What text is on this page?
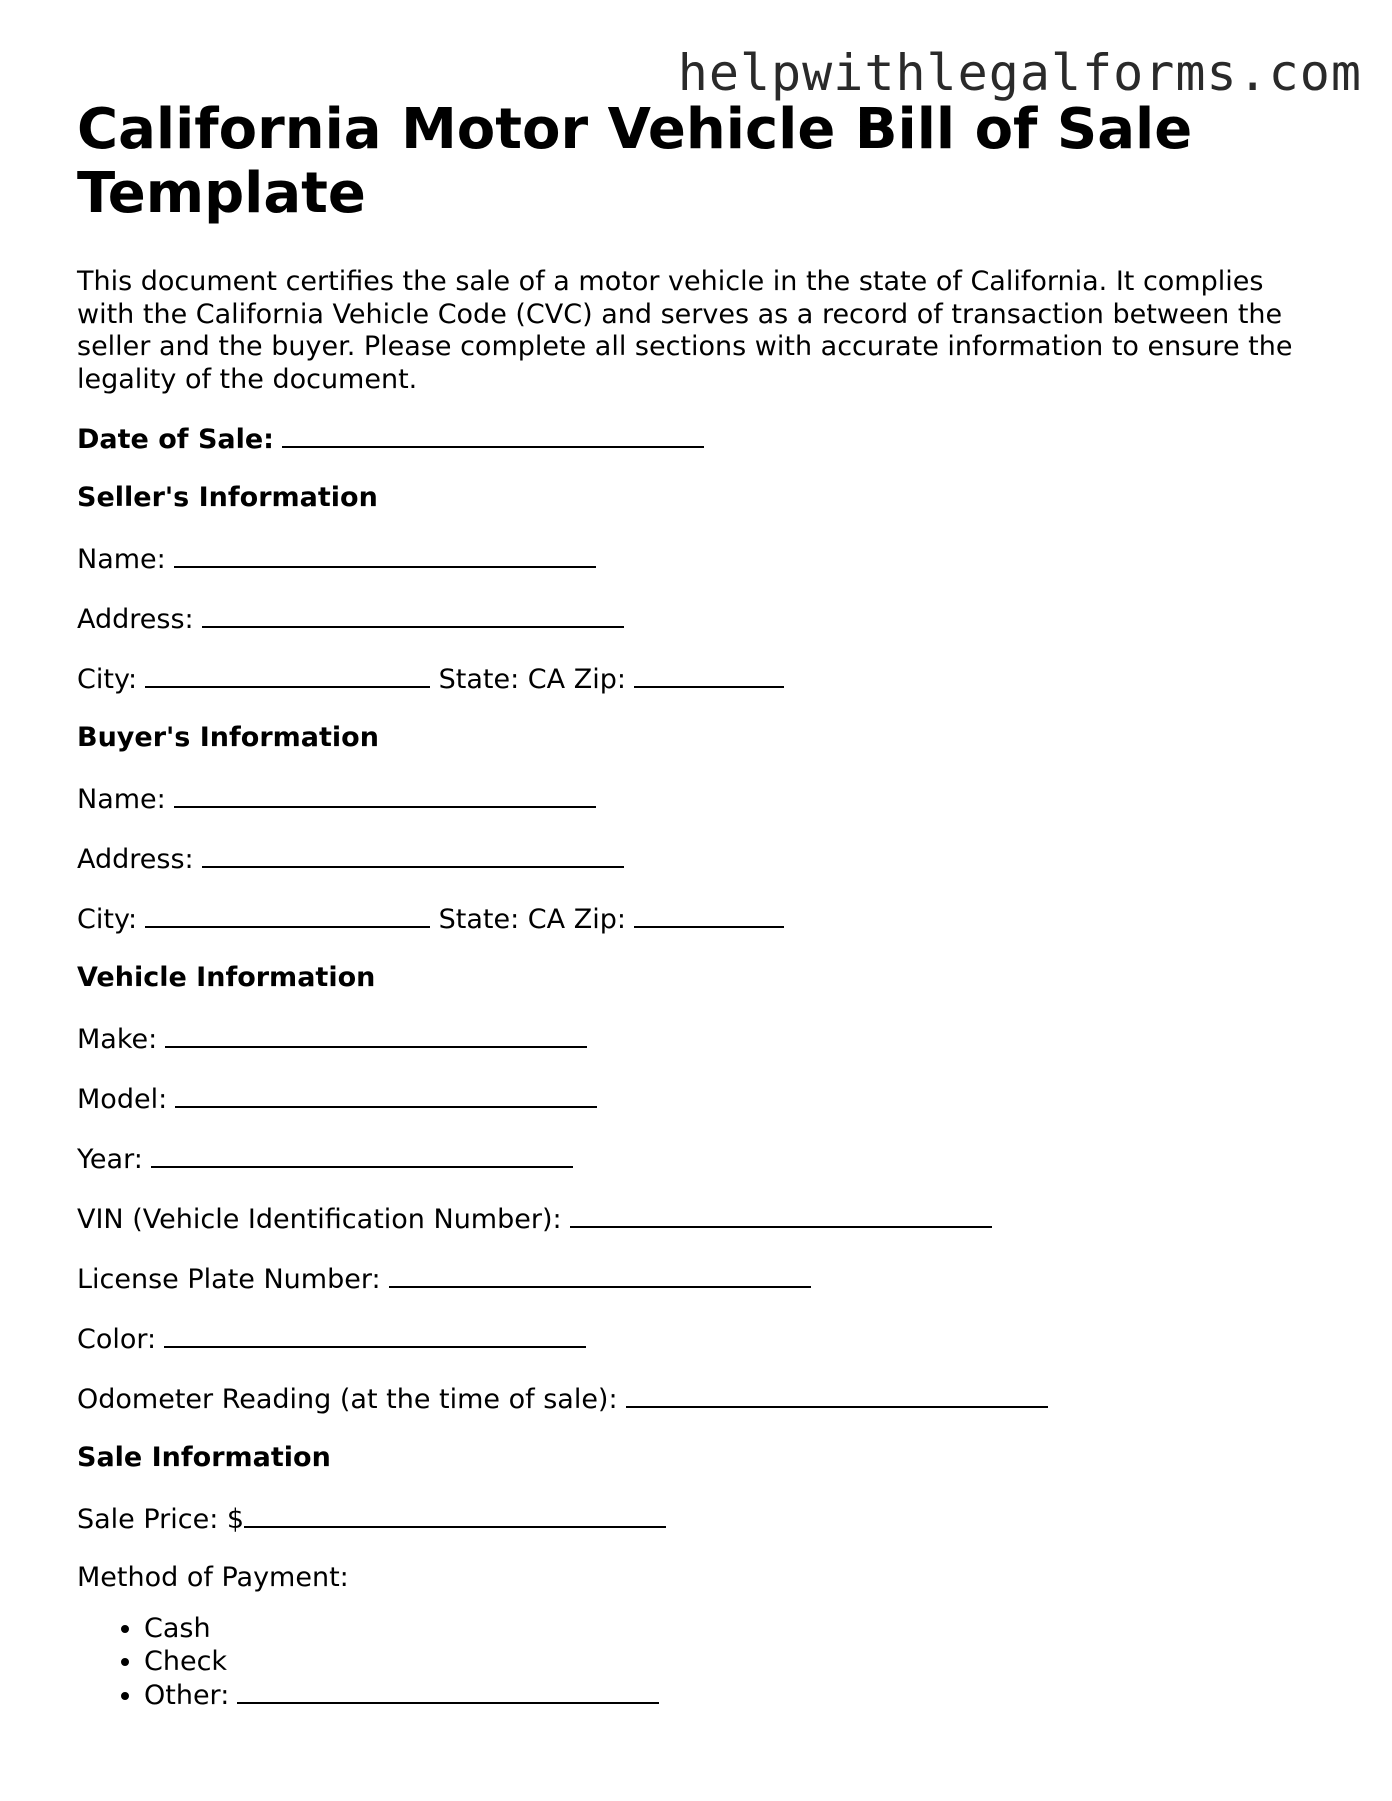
helpwithlegalforms.com
California Motor Vehicle Bill of Sale Template

This document certifies the sale of a motor vehicle in the state of California. It complies with the California Vehicle Code (CVC) and serves as a record of transaction between the seller and the buyer. Please complete all sections with accurate information to ensure the legality of the document.

Date of Sale:
Seller's Information
Name:
Address:
City:	State: CA Zip:
Buyer's Information
Name:
Address:
City:	State: CA Zip:
Vehicle Information
Make:
Model:
Year:
VIN (Vehicle Identification Number):
License Plate Number:
Color:
Odometer Reading (at the time of sale):
Sale Information
Sale Price: $
Method of Payment:
• Cash
• Check
• Other:
